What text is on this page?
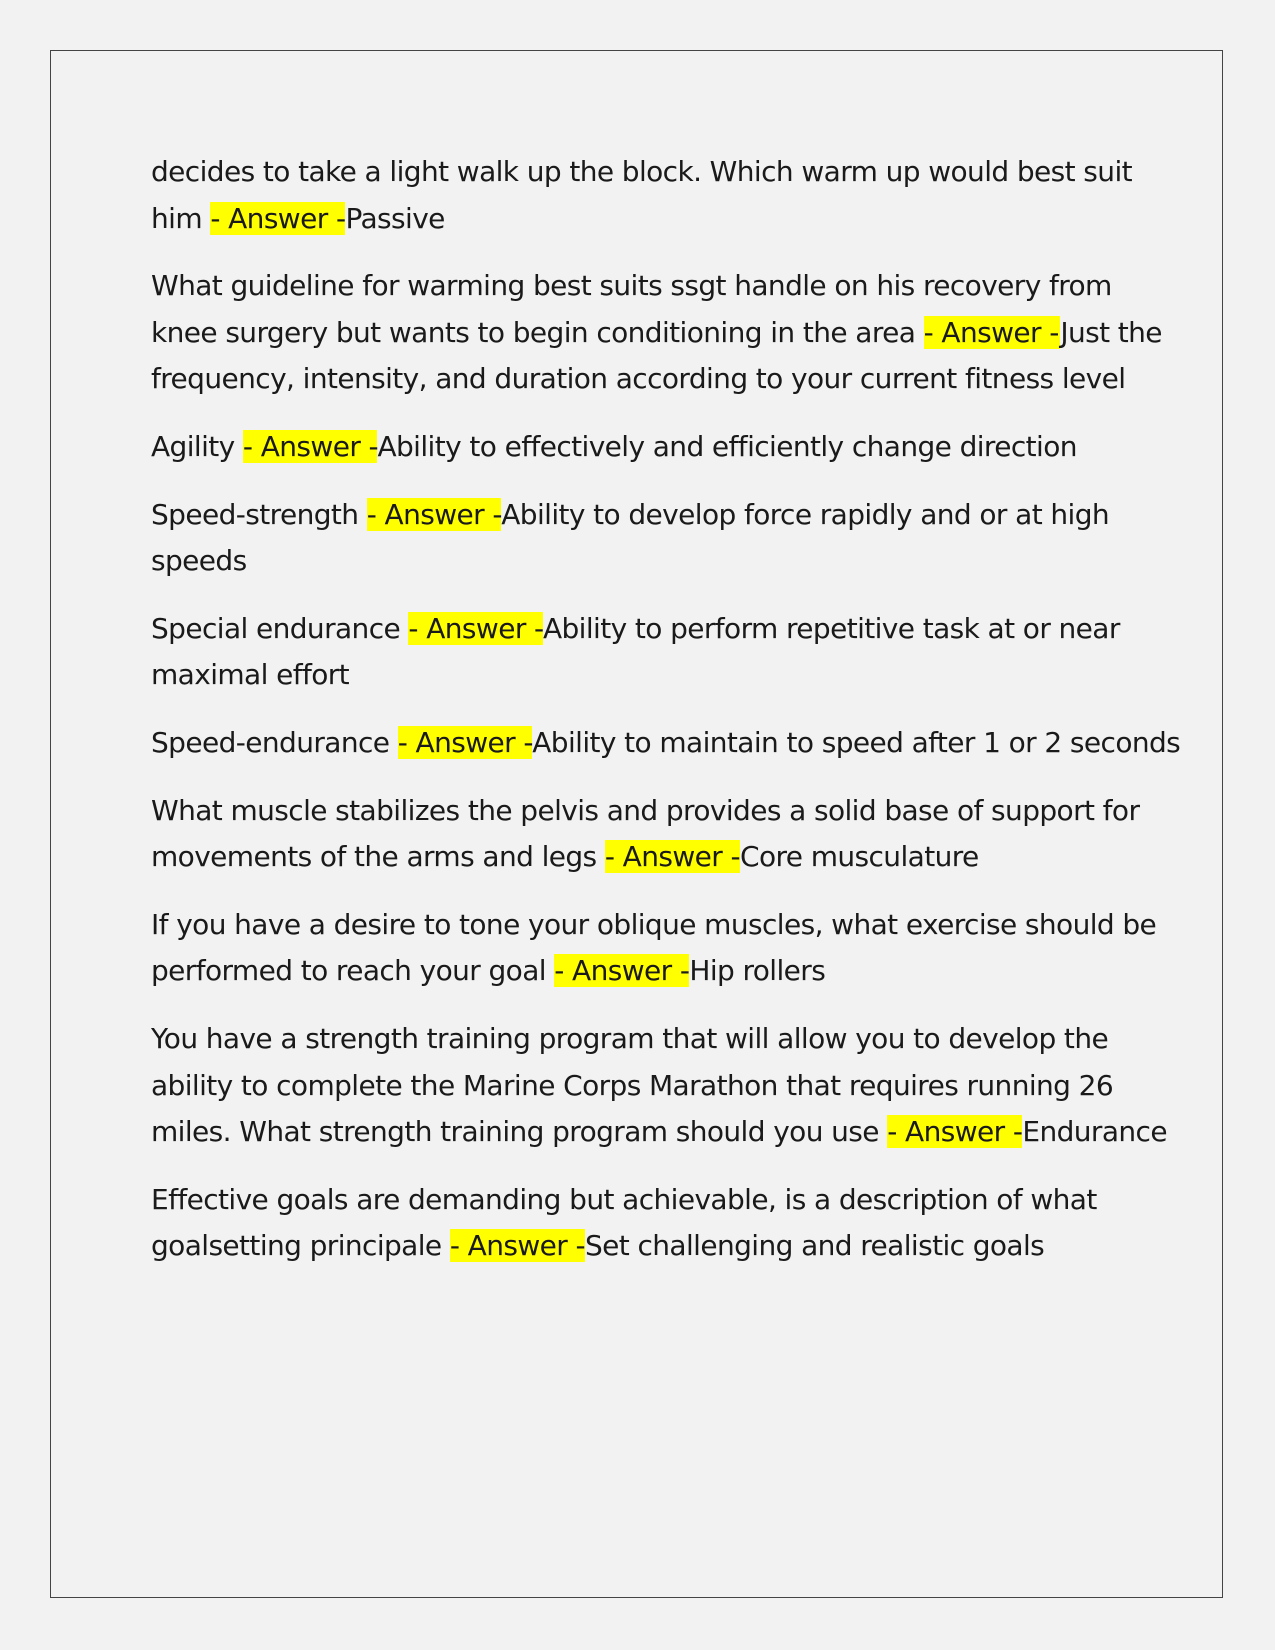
decides to take a light walk up the block. Which warm up would best suit him - Answer -Passive

What guideline for warming best suits ssgt handle on his recovery from knee surgery but wants to begin conditioning in the area - Answer -Just the frequency, intensity, and duration according to your current fitness level

Agility - Answer -Ability to effectively and efficiently change direction

Speed-strength - Answer -Ability to develop force rapidly and or at high speeds

Special endurance - Answer -Ability to perform repetitive task at or near maximal effort

Speed-endurance - Answer -Ability to maintain to speed after 1 or 2 seconds

What muscle stabilizes the pelvis and provides a solid base of support for movements of the arms and legs - Answer -Core musculature

If you have a desire to tone your oblique muscles, what exercise should be performed to reach your goal - Answer -Hip rollers

You have a strength training program that will allow you to develop the ability to complete the Marine Corps Marathon that requires running 26 miles. What strength training program should you use - Answer -Endurance

Effective goals are demanding but achievable, is a description of what goalsetting principale - Answer -Set challenging and realistic goals
